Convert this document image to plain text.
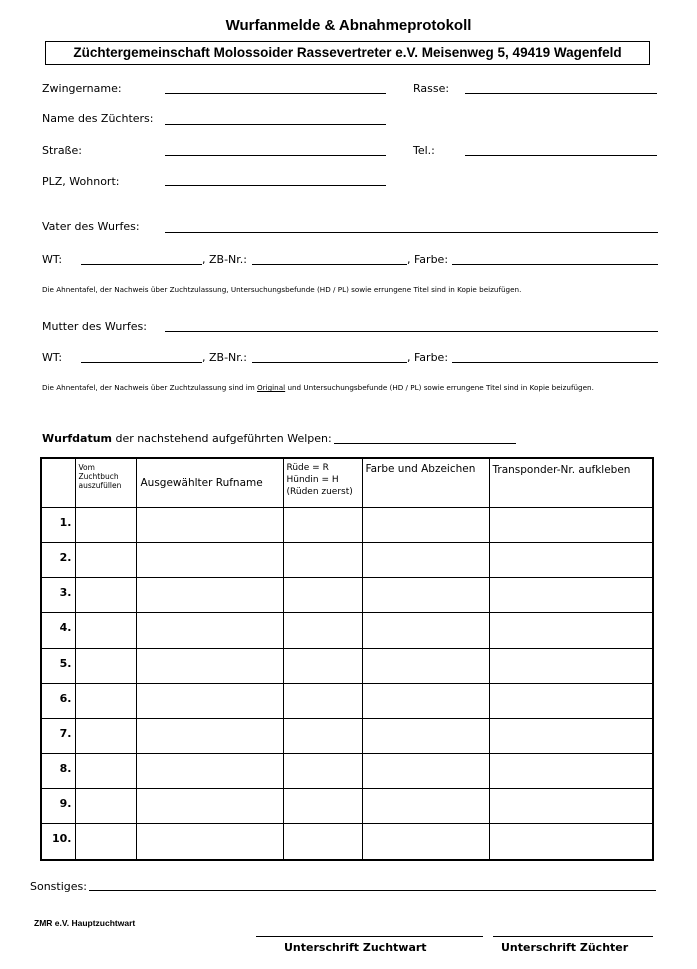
Wurfanmelde & Abnahmeprotokoll
Züchtergemeinschaft Molossoider Rassevertreter e.V. Meisenweg 5, 49419 Wagenfeld
Zwingername:	Rasse:
Name des Züchters:
Straße:	Tel.:
PLZ, Wohnort:
Vater des Wurfes:
WT:	, ZB-Nr.:	, Farbe:
Die Ahnentafel, der Nachweis über Zuchtzulassung, Untersuchungsbefunde (HD / PL) sowie errungene Titel sind in Kopie beizufügen.
Mutter des Wurfes:
WT:	, ZB-Nr.:	, Farbe:
Die Ahnentafel, der Nachweis über Zuchtzulassung sind im Original und Untersuchungsbefunde (HD / PL) sowie errungene Titel sind in Kopie beizufügen.
Wurfdatum der nachstehend aufgeführten Welpen:
	Vom Zuchtbuch auszufüllen	Ausgewählter Rufname	Rüde = R
Hündin = H
(Rüden zuerst)	Farbe und Abzeichen	Transponder-Nr. aufkleben
1.					
2.					
3.					
4.					
5.					
6.					
7.					
8.					
9.					
10.					
Sonstiges:
ZMR e.V. Hauptzuchtwart
Unterschrift Zuchtwart	Unterschrift Züchter
